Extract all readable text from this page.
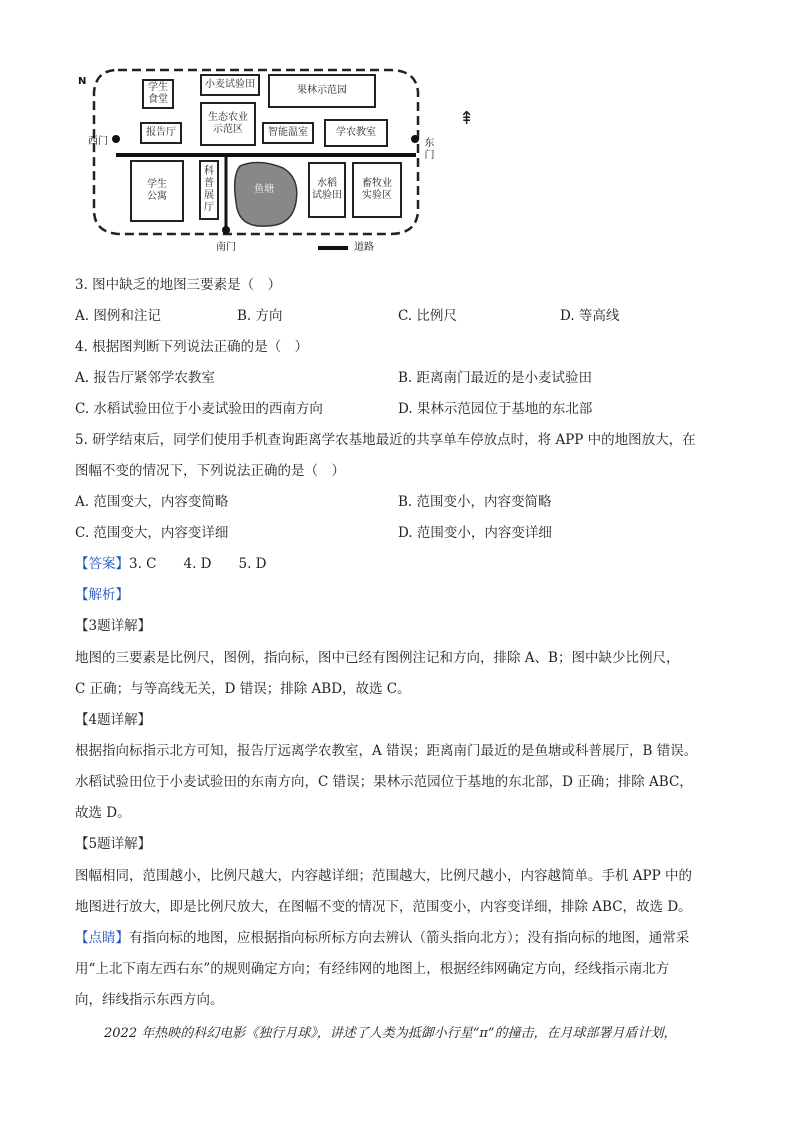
N
西门	东门
南门	道路
学生
食堂
小麦试验田
果林示范园
报告厅
生态农业
示范区	智能温室	学农教室
学生
公寓
科
普
展
厅
鱼塘
水稻
试验田
畜牧业
实验区
⇞
3. 图中缺乏的地图三要素是（　）
A. 图例和注记	B. 方向	C. 比例尺	D. 等高线
4. 根据图判断下列说法正确的是（　）
A. 报告厅紧邻学农教室	B. 距离南门最近的是小麦试验田
C. 水稻试验田位于小麦试验田的西南方向	D. 果林示范园位于基地的东北部
5. 研学结束后，同学们使用手机查询距离学农基地最近的共享单车停放点时，将 APP 中的地图放大，在
图幅不变的情况下，下列说法正确的是（　）
A. 范围变大，内容变简略	B. 范围变小，内容变简略
C. 范围变大，内容变详细	D. 范围变小，内容变详细
【答案】3. C　　4. D　　5. D
【解析】
【3题详解】
地图的三要素是比例尺，图例，指向标，图中已经有图例注记和方向，排除 A、B；图中缺少比例尺，
C 正确；与等高线无关，D 错误；排除 ABD，故选 C。
【4题详解】
根据指向标指示北方可知，报告厅远离学农教室，A 错误；距离南门最近的是鱼塘或科普展厅，B 错误。
水稻试验田位于小麦试验田的东南方向，C 错误；果林示范园位于基地的东北部，D 正确；排除 ABC，
故选 D。
【5题详解】
图幅相同，范围越小，比例尺越大，内容越详细；范围越大，比例尺越小，内容越简单。手机 APP 中的
地图进行放大，即是比例尺放大，在图幅不变的情况下，范围变小，内容变详细，排除 ABC，故选 D。
【点睛】有指向标的地图，应根据指向标所标方向去辨认（箭头指向北方）；没有指向标的地图，通常采
用“上北下南左西右东”的规则确定方向；有经纬网的地图上，根据经纬网确定方向，经线指示南北方
向，纬线指示东西方向。
2022 年热映的科幻电影《独行月球》，讲述了人类为抵御小行星“π”的撞击，在月球部署月盾计划，
